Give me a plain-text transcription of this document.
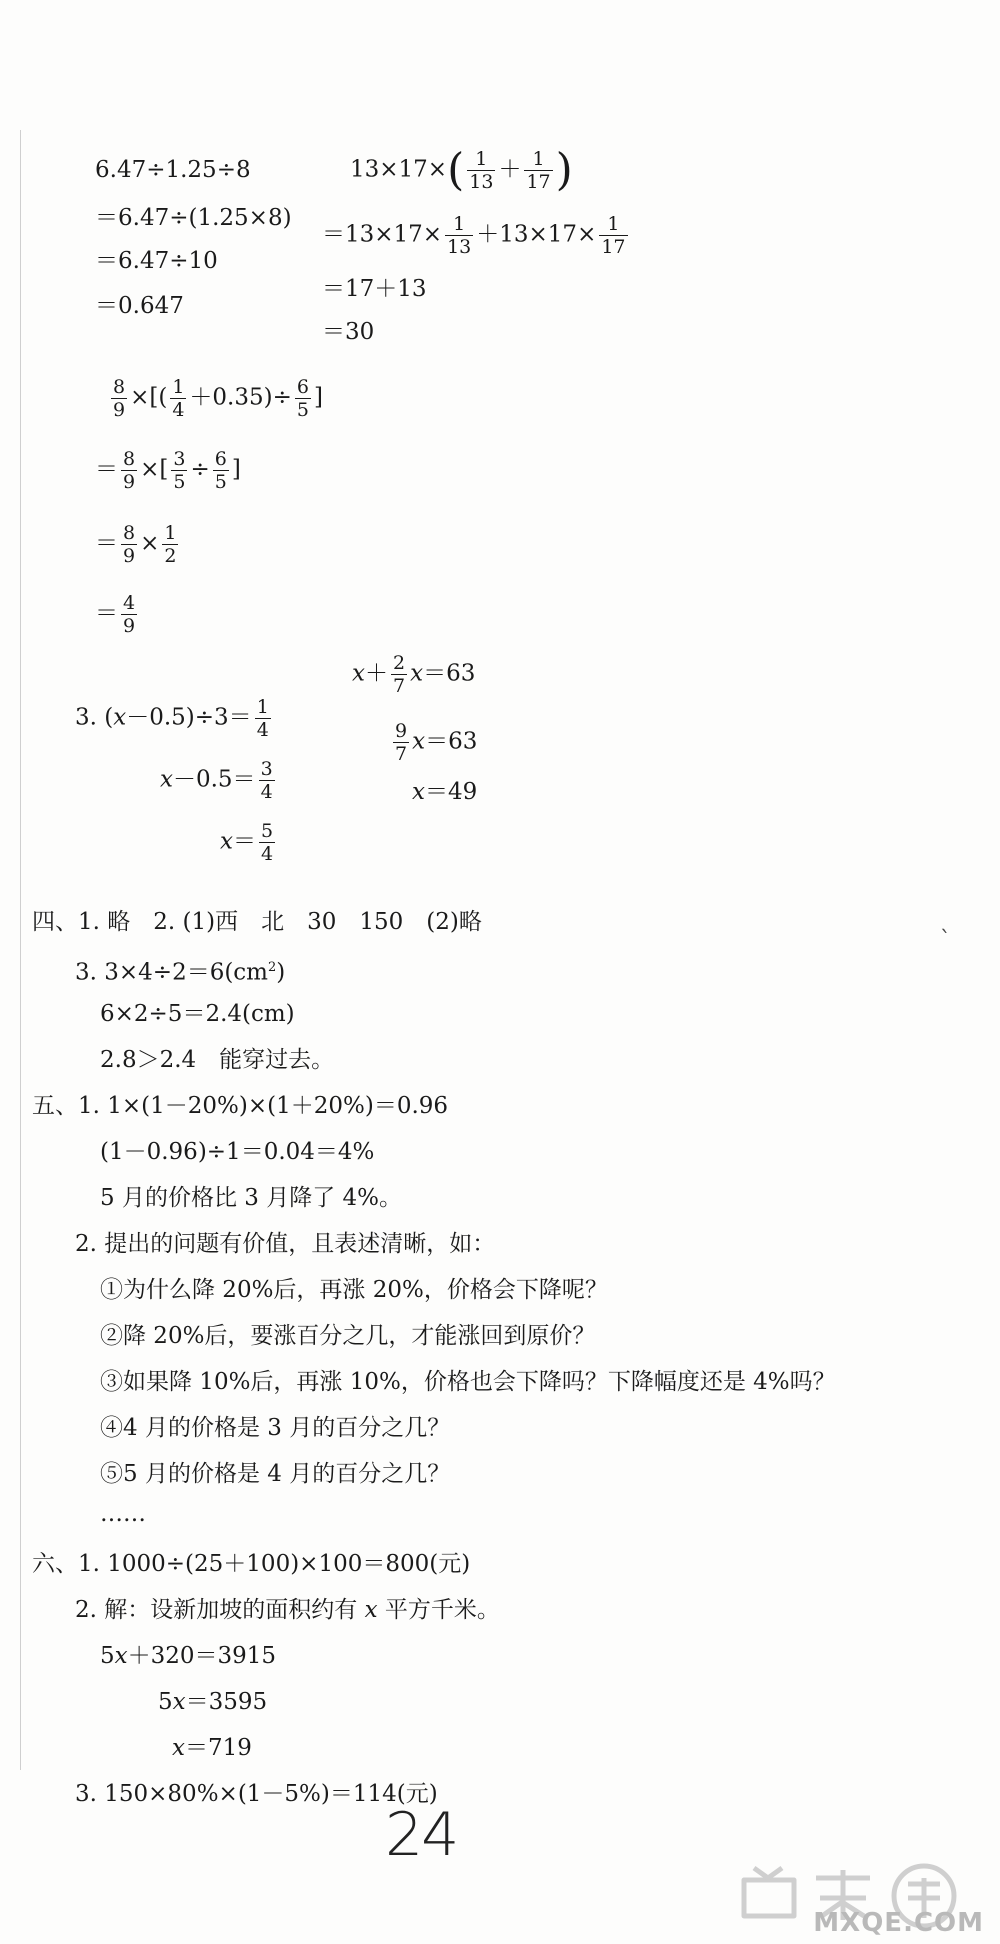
6.47÷1.25÷8
＝6.47÷(1.25×8)
＝6.47÷10
＝0.647
$13\times 17\times( \frac{1}{13} + \frac{1}{17}$ )
$=13\times 17\times \frac{1}{13} +13\times 17\times \frac{1}{17}$
＝17＋13
＝30
$\frac{8}{9}$ ×[( $\frac{1}{4} +0.35)\div \frac{6}{5}$ ]
＝ $\frac{8}{9}$ ×[ $\frac{3}{5} \div \frac{6}{5}$ ]
＝ $\frac{8}{9} \times \frac{1}{2}$
＝ $\frac{4}{9}$
3. $(x-0.5)\div 3= \frac{1}{4}$
$x-0.5= \frac{3}{4}$
$x= \frac{5}{4}$
$x+ \frac{2}{7} x=63$
$\frac{9}{7} x=63$
x＝49
四、1. 略　2. (1)西　北　30　150　(2)略
ˋ
3. $3\times 4\div 2=6(cm^2)$
6×2÷5＝2.4(cm)
2.8＞2.4　能穿过去。
五、1. 1×(1－20%)×(1＋20%)＝0.96
(1－0.96)÷1＝0.04＝4%
5 月的价格比 3 月降了 4%。
2. 提出的问题有价值，且表述清晰，如：
①为什么降 20%后，再涨 20%，价格会下降呢？
②降 20%后，要涨百分之几，才能涨回到原价？
③如果降 10%后，再涨 10%，价格也会下降吗？下降幅度还是 4%吗？
④4 月的价格是 3 月的百分之几？
⑤5 月的价格是 4 月的百分之几？
……
六、1. 1000÷(25＋100)×100＝800(元)
2. 解：设新加坡的面积约有 x 平方千米。
5x＋320＝3915
5x＝3595
x＝719
3. 150×80%×(1－5%)＝114(元)
24
MXQE.COM
